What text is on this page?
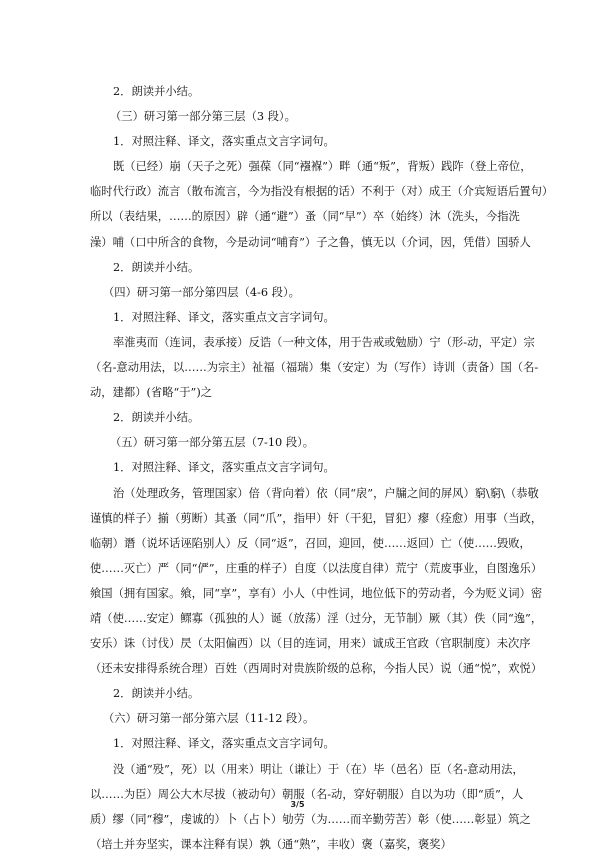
2．朗读并小结。
（三）研习第一部分第三层（3 段）。
1．对照注释、译文，落实重点文言字词句。
既（已经）崩（天子之死）强葆（同“襁褓”）畔（通“叛”，背叛）践阼（登上帝位，
临时代行政）流言（散布流言，今为指没有根据的话）不利于（对）成王（介宾短语后置句）
所以（表结果，……的原因）辟（通“避”）蚤（同“早”）卒（始终）沐（洗头，今指洗
澡）哺（口中所含的食物，今是动词“哺育”）子之鲁，慎无以（介词，因，凭借）国骄人
2．朗读并小结。
（四）研习第一部分第四层（4-6 段）。
1．对照注释、译文，落实重点文言字词句。
率淮夷而（连词，表承接）反诰（一种文体，用于告戒或勉励）宁（形-动，平定）宗
（名-意动用法，以……为宗主）祉福（福瑞）集（安定）为（写作）诗训（责备）国（名-
动，建都）(省略“于”)之
2．朗读并小结。
（五）研习第一部分第五层（7-10 段）。
1．对照注释、译文，落实重点文言字词句。
治（处理政务，管理国家）倍（背向着）依（同“扆”，户牖之间的屏风）窮\窮\（恭敬
谨慎的样子）揃（剪断）其蚤（同“爪”，指甲）奸（干犯，冒犯）瘳（痊愈）用事（当政，
临朝）谮（说坏话诬陷别人）反（同“返”，召回，迎回，使……返回）亡（使……毁败，
使……灭亡）严（同“俨”，庄重的样子）自度（以法度自律）荒宁（荒废事业，自图逸乐）
飨国（拥有国家。飨，同“享”，享有）小人（中性词，地位低下的劳动者，今为贬义词）密
靖（使……安定）鳏寡（孤独的人）诞（放荡）淫（过分，无节制）厥（其）佚（同“逸”，
安乐）诛（讨伐）昃（太阳偏西）以（目的连词，用来）诚成王官政（官职制度）未次序
（还未安排得系统合理）百姓（西周时对贵族阶级的总称，今指人民）说（通“悦”，欢悦）
2．朗读并小结。
（六）研习第一部分第六层（11-12 段）。
1．对照注释、译文，落实重点文言字词句。
没（通“殁”，死）以（用来）明让（谦让）于（在）毕（邑名）臣（名-意动用法，
以……为臣）周公大木尽拔（被动句）朝服（名-动，穿好朝服）自以为功（即“质”，人
质）缪（同“穆”，虔诚的）卜（占卜）劬劳（为……而辛勤劳苦）彰（使……彰显）筑之
（培土并夯坚实，课本注释有误）孰（通“熟”，丰收）褒（嘉奖，褒奖）
3/5
